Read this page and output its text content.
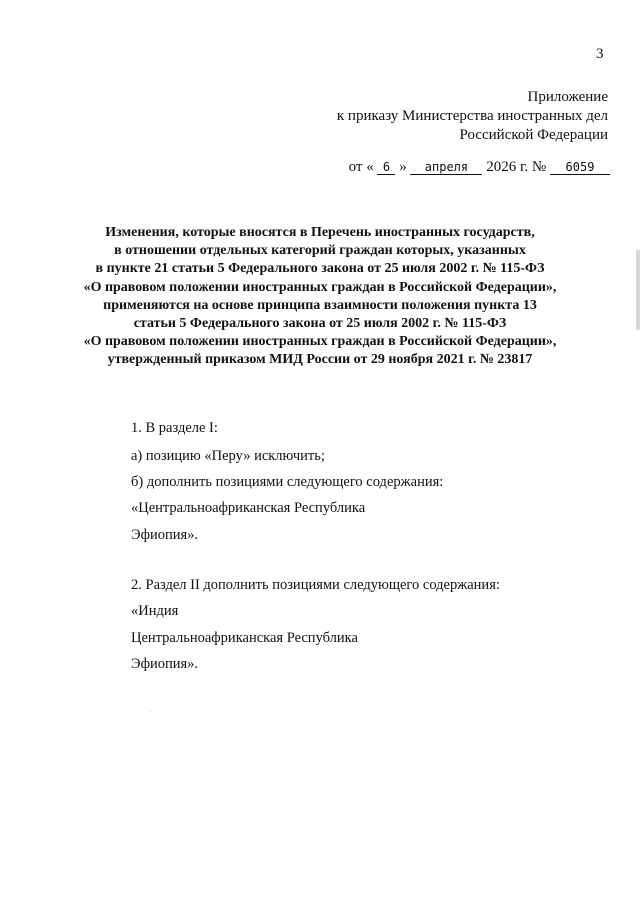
3
Приложение
к приказу Министерства иностранных дел
Российской Федерации
от « 6 » апреля 2026 г. № 6059
Изменения, которые вносятся в Перечень иностранных государств,
в отношении отдельных категорий граждан которых, указанных
в пункте 21 статьи 5 Федерального закона от 25 июля 2002 г. № 115-ФЗ
«О правовом положении иностранных граждан в Российской Федерации»,
применяются на основе принципа взаимности положения пункта 13
статьи 5 Федерального закона от 25 июля 2002 г. № 115-ФЗ
«О правовом положении иностранных граждан в Российской Федерации»,
утвержденный приказом МИД России от 29 ноября 2021 г. № 23817
1. В разделе I:
а) позицию «Перу» исключить;
б) дополнить позициями следующего содержания:
«Центральноафриканская Республика
Эфиопия».
2. Раздел II дополнить позициями следующего содержания:
«Индия
Центральноафриканская Республика
Эфиопия».
·
